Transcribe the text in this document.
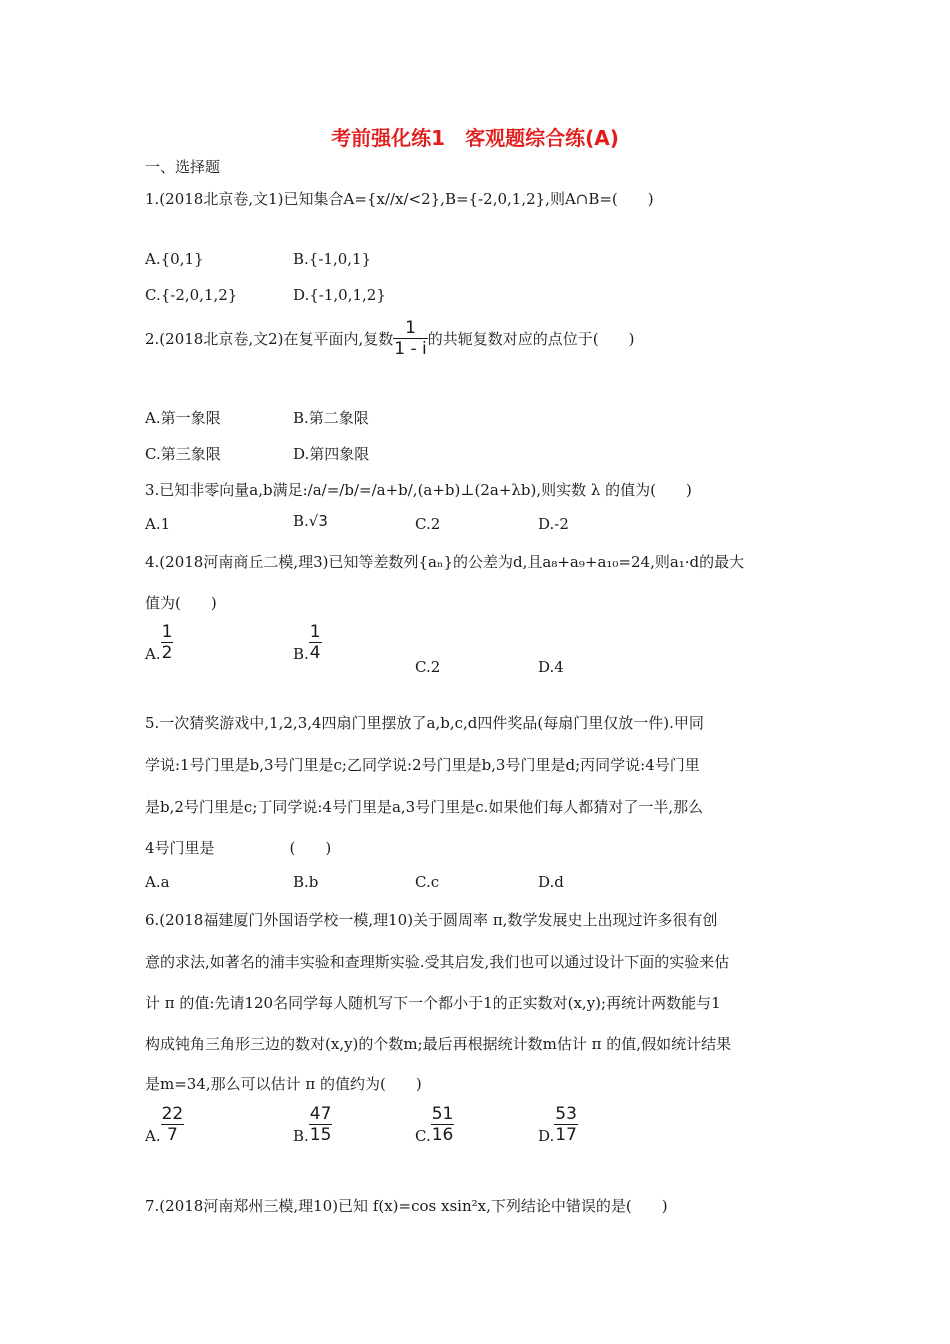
考前强化练1　客观题综合练(A)
一、选择题
1.(2018北京卷,文1)已知集合A={x//x/<2},B={-2,0,1,2},则A∩B=(　　)
A.{0,1}	B.{-1,0,1}
C.{-2,0,1,2}	D.{-1,0,1,2}
2.(2018北京卷,文2)在复平面内,复数 $\frac{1}{1 - i}$ 的共轭复数对应的点位于(　　)
A.第一象限	B.第二象限
C.第三象限	D.第四象限
3.已知非零向量a,b满足:/a/=/b/=/a+b/,(a+b)⊥(2a+λb),则实数 λ 的值为(　　)
A.1	B.√3	C.2	D.-2
4.(2018河南商丘二模,理3)已知等差数列{aₙ}的公差为d,且a₈+a₉+a₁₀=24,则a₁·d的最大
值为(　　)
A. $\frac{1}{2}$	B. $\frac{1}{4}$
C.2	D.4
5.一次猜奖游戏中,1,2,3,4四扇门里摆放了a,b,c,d四件奖品(每扇门里仅放一件).甲同
学说:1号门里是b,3号门里是c;乙同学说:2号门里是b,3号门里是d;丙同学说:4号门里
是b,2号门里是c;丁同学说:4号门里是a,3号门里是c.如果他们每人都猜对了一半,那么
4号门里是　　　　　(　　)
A.a	B.b	C.c	D.d
6.(2018福建厦门外国语学校一模,理10)关于圆周率 π,数学发展史上出现过许多很有创
意的求法,如著名的浦丰实验和查理斯实验.受其启发,我们也可以通过设计下面的实验来估
计 π 的值:先请120名同学每人随机写下一个都小于1的正实数对(x,y);再统计两数能与1
构成钝角三角形三边的数对(x,y)的个数m;最后再根据统计数m估计 π 的值,假如统计结果
是m=34,那么可以估计 π 的值约为(　　)
A. $\frac{22}{7}$	B. $\frac{47}{15}$	C. $\frac{51}{16}$	D. $\frac{53}{17}$
7.(2018河南郑州三模,理10)已知 f(x)=cos xsin²x,下列结论中错误的是(　　)
